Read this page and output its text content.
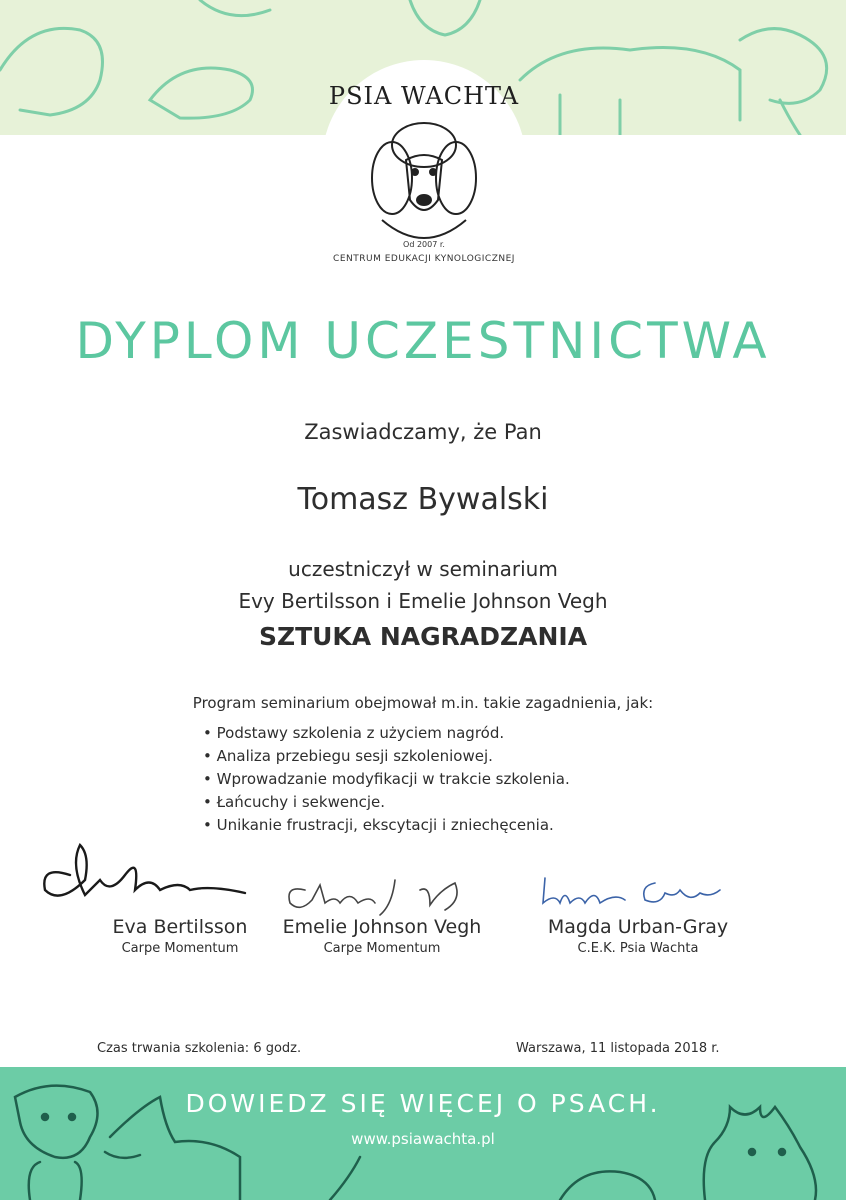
PSIA WACHTA
Od 2007 r.
CENTRUM EDUKACJI KYNOLOGICZNEJ
DYPLOM UCZESTNICTWA
Zaswiadczamy, że Pan
Tomasz Bywalski
uczestniczył w seminarium
Evy Bertilsson i Emelie Johnson Vegh
SZTUKA NAGRADZANIA
Program seminarium obejmował m.in. takie zagadnienia, jak:
• Podstawy szkolenia z użyciem nagród.
• Analiza przebiegu sesji szkoleniowej.
• Wprowadzanie modyfikacji w trakcie szkolenia.
• Łańcuchy i sekwencje.
• Unikanie frustracji, ekscytacji i zniechęcenia.
Eva Bertilsson
Carpe Momentum
Emelie Johnson Vegh
Carpe Momentum
Magda Urban-Gray
C.E.K. Psia Wachta
Czas trwania szkolenia: 6 godz.	Warszawa, 11 listopada 2018 r.
DOWIEDZ SIĘ WIĘCEJ O PSACH.
www.psiawachta.pl
